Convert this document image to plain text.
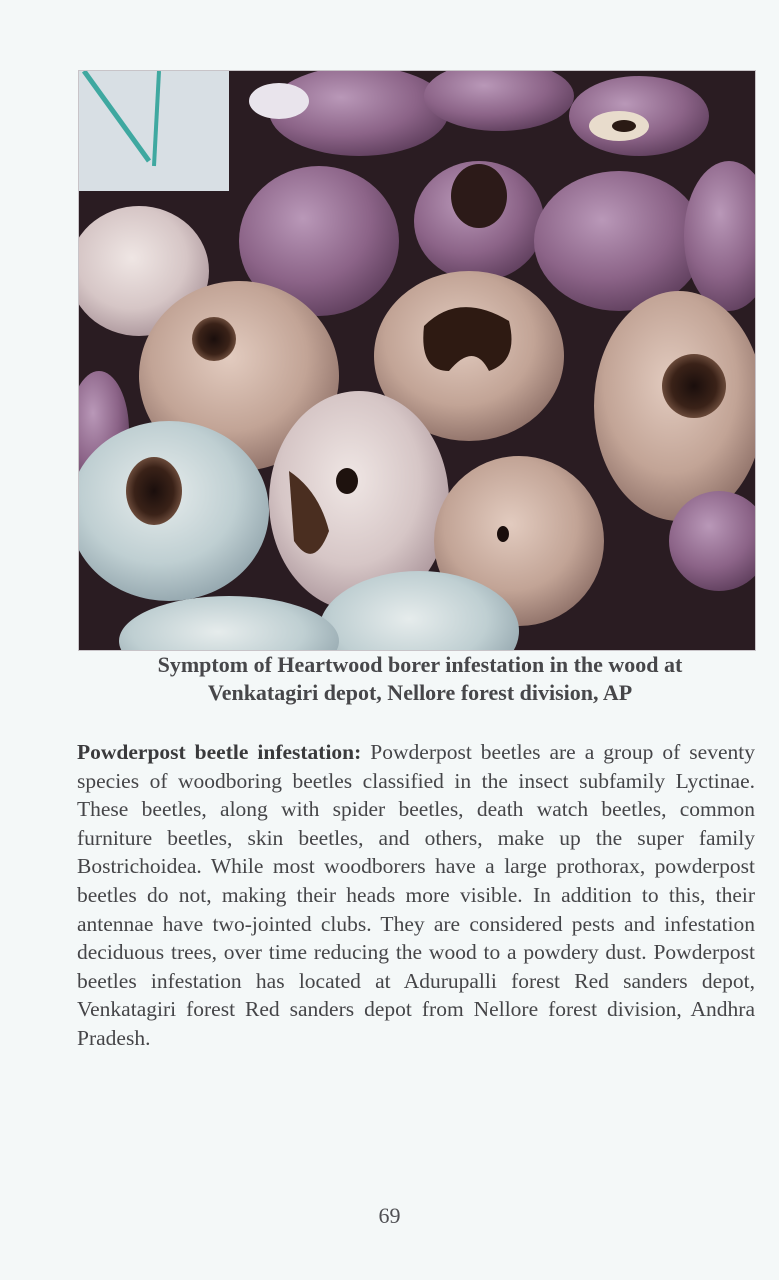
Symptom of Heartwood borer infestation in the wood at
Venkatagiri depot, Nellore forest division, AP
Powderpost beetle infestation: Powderpost beetles are a group of seventy species of woodboring beetles classified in the insect subfamily Lyctinae. These beetles, along with spider beetles, death watch beetles, common furniture beetles, skin beetles, and others, make up the super family Bostrichoidea. While most woodborers have a large prothorax, powderpost beetles do not, making their heads more visible. In addition to this, their antennae have two-jointed clubs. They are considered pests and infestation deciduous trees, over time reducing the wood to a powdery dust. Powderpost beetles infestation has located at Adurupalli forest Red sanders depot, Venkatagiri forest Red sanders depot from Nellore forest division, Andhra Pradesh.
69
